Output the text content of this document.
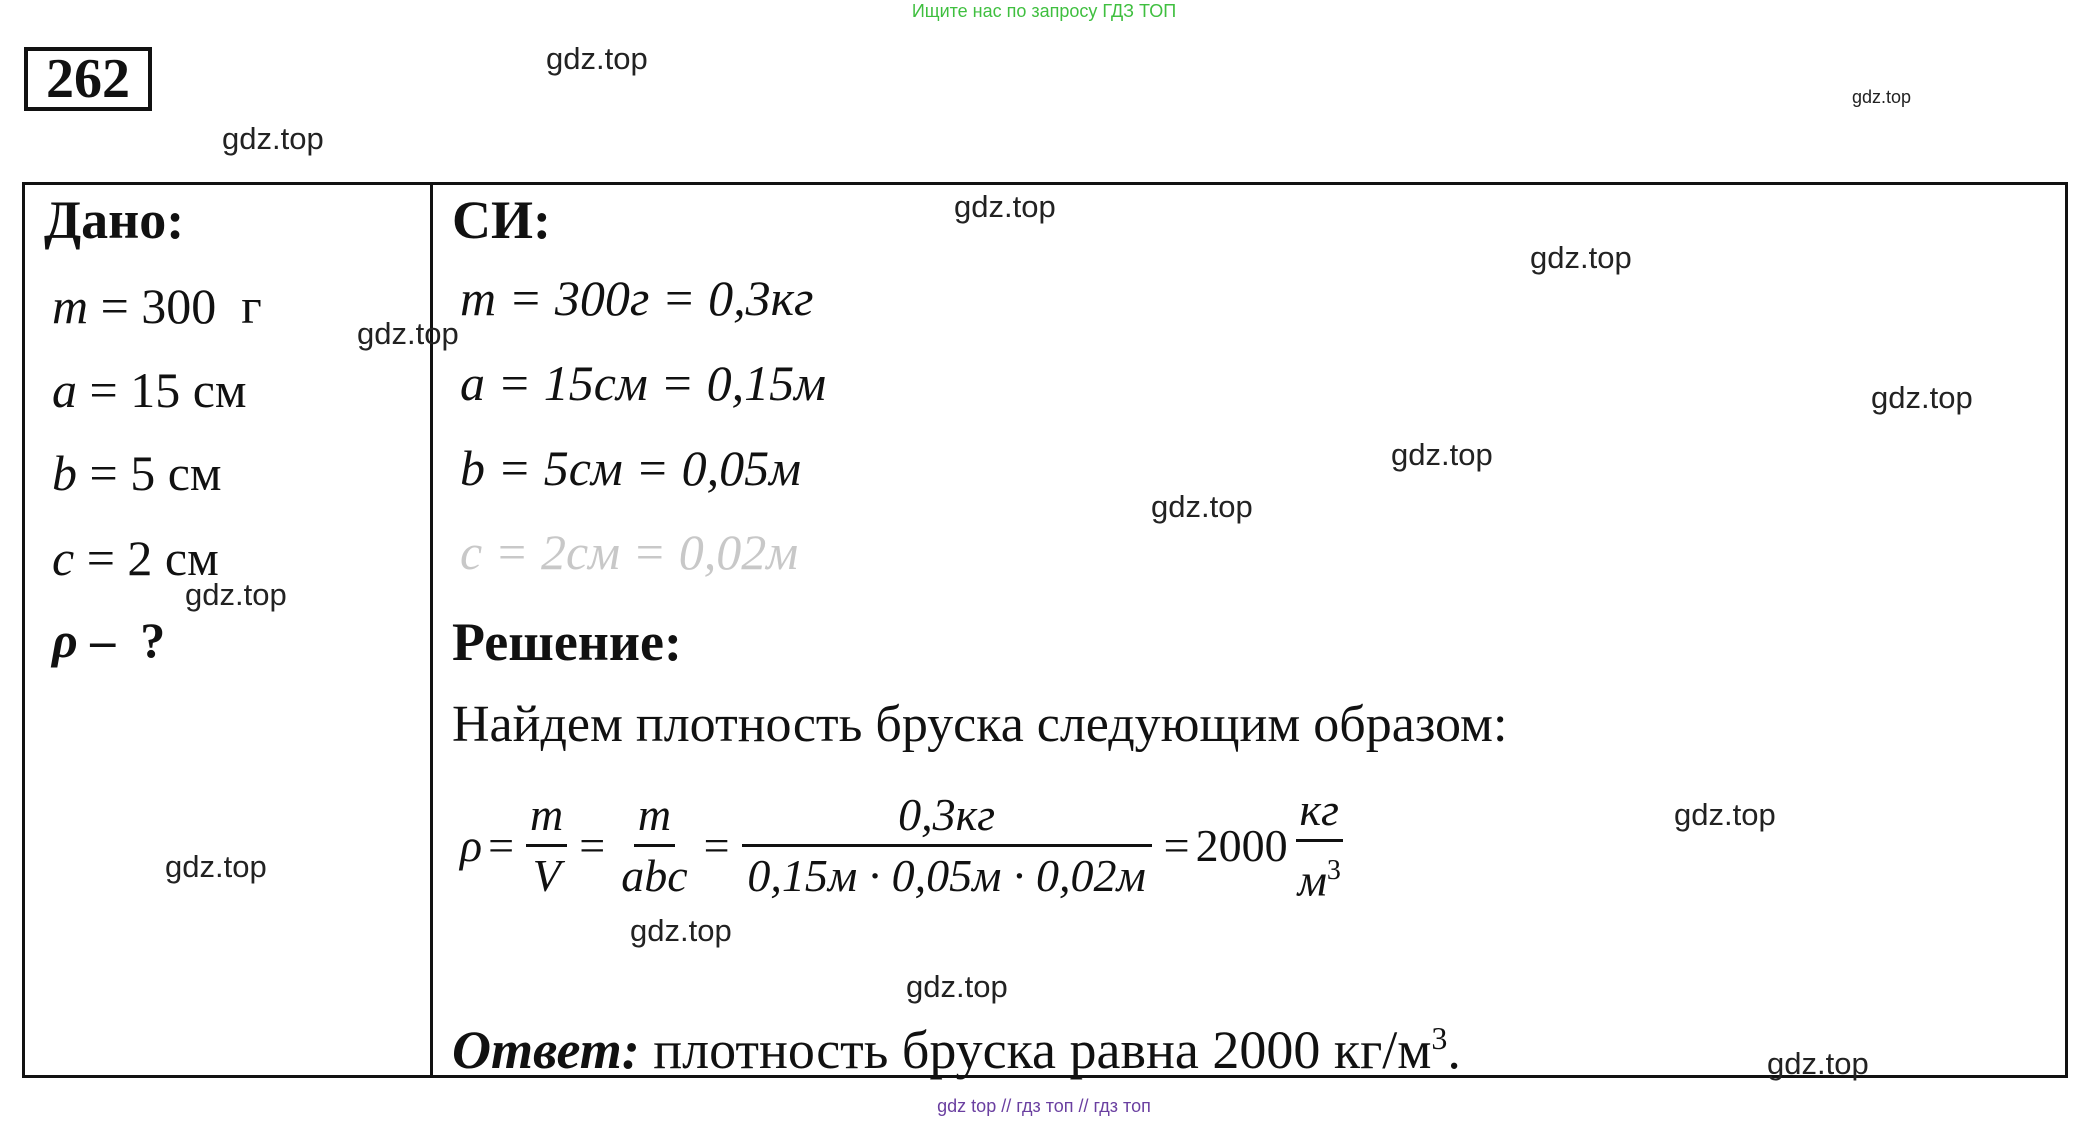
Ищите нас по запросу ГДЗ ТОП
262
Дано:
m = 300  г
a = 15 см
b = 5 см
c = 2 см
ρ –  ?
СИ:
m = 300г = 0,3кг
a = 15см = 0,15м
b = 5см = 0,05м
c = 2см = 0,02м
Решение:
Найдем плотность бруска следующим образом:
$\rho = \frac{m}{V} = \frac{m}{\text{abc}} = \frac{0,3кг}{0,15м \cdot 0,05м \cdot 0,02м} = 2000 \frac{кг}{м^3}$
Ответ: плотность бруска равна 2000 $кг/м^3$.
gdz.top
gdz.top
gdz.top
gdz.top
gdz.top
gdz.top
gdz.top
gdz.top
gdz.top
gdz.top
gdz.top
gdz.top
gdz.top
gdz.top
gdz.top
gdz top // гдз топ // гдз топ
